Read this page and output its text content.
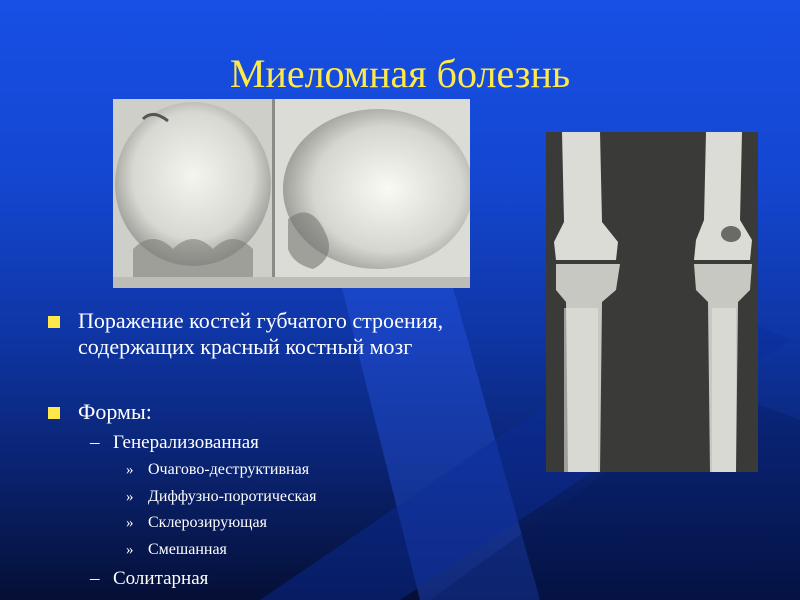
Миеломная болезнь
Поражение костей губчатого строения, содержащих красный костный мозг
Формы:
– Генерализованная
» Очагово-деструктивная
» Диффузно-поротическая
» Склерозирующая
» Смешанная
– Солитарная
